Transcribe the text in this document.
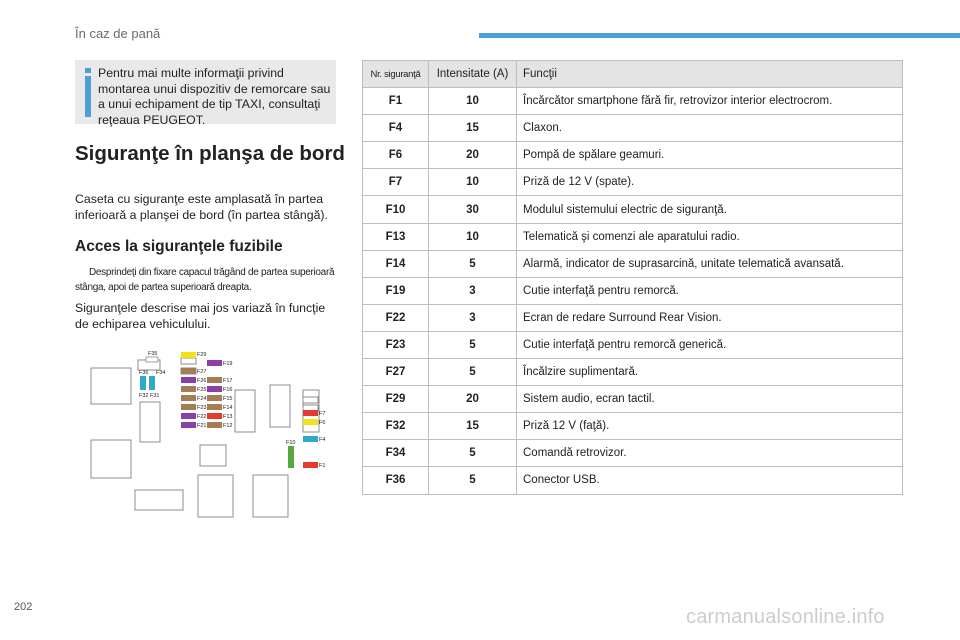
În caz de pană
Pentru mai multe informaţii privind montarea unui dispozitiv de remorcare sau a unui echipament de tip TAXI, consultaţi reţeaua PEUGEOT.
Siguranţe în planşa de bord
Caseta cu siguranţe este amplasată în partea inferioară a planşei de bord (în partea stângă).
Acces la siguranţele fuzibile
Desprindeţi din fixare capacul trăgând de partea superioară stânga, apoi de partea superioară dreapta.
Siguranţele descrise mai jos variază în funcţie de echiparea vehiculului.
F35	F29
F19
F36 F34	F27
F26	F17
F32 F31
F25	F16
F24	F15
F23	F14
F22	F13
F21	F12
F7
F6
F10	F4
F1
Nr. siguranţă	Intensitate (A)	Funcţii
F1	10	Încărcător smartphone fără fir, retrovizor interior electrocrom.
F4	15	Claxon.
F6	20	Pompă de spălare geamuri.
F7	10	Priză de 12 V (spate).
F10	30	Modulul sistemului electric de siguranţă.
F13	10	Telematică şi comenzi ale aparatului radio.
F14	5	Alarmă, indicator de suprasarcină, unitate telematică avansată.
F19	3	Cutie interfaţă pentru remorcă.
F22	3	Ecran de redare Surround Rear Vision.
F23	5	Cutie interfaţă pentru remorcă generică.
F27	5	Încălzire suplimentară.
F29	20	Sistem audio, ecran tactil.
F32	15	Priză 12 V (faţă).
F34	5	Comandă retrovizor.
F36	5	Conector USB.
202	carmanualsonline.info
